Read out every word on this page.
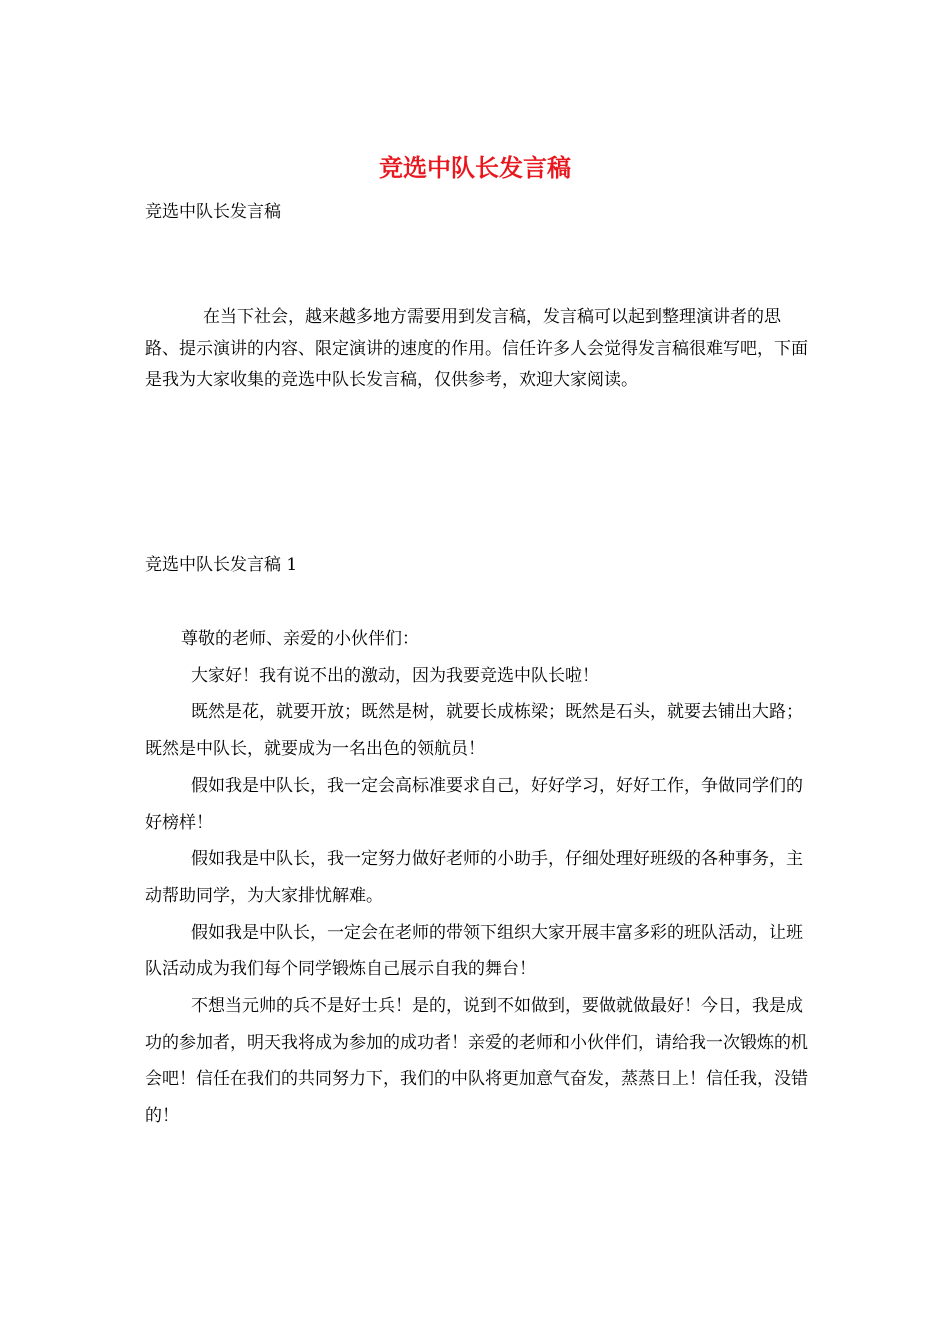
竞选中队长发言稿
竞选中队长发言稿

在当下社会，越来越多地方需要用到发言稿，发言稿可以起到整理演讲者的思路、提示演讲的内容、限定演讲的速度的作用。信任许多人会觉得发言稿很难写吧，下面是我为大家收集的竞选中队长发言稿，仅供参考，欢迎大家阅读。

竞选中队长发言稿 1

尊敬的老师、亲爱的小伙伴们：

大家好！我有说不出的激动，因为我要竞选中队长啦！

既然是花，就要开放；既然是树，就要长成栋梁；既然是石头，就要去铺出大路；既然是中队长，就要成为一名出色的领航员！

假如我是中队长，我一定会高标准要求自己，好好学习，好好工作，争做同学们的好榜样！

假如我是中队长，我一定努力做好老师的小助手，仔细处理好班级的各种事务，主动帮助同学，为大家排忧解难。

假如我是中队长，一定会在老师的带领下组织大家开展丰富多彩的班队活动，让班队活动成为我们每个同学锻炼自己展示自我的舞台！

不想当元帅的兵不是好士兵！是的，说到不如做到，要做就做最好！今日，我是成功的参加者，明天我将成为参加的成功者！亲爱的老师和小伙伴们，请给我一次锻炼的机会吧！信任在我们的共同努力下，我们的中队将更加意气奋发，蒸蒸日上！信任我，没错的！
